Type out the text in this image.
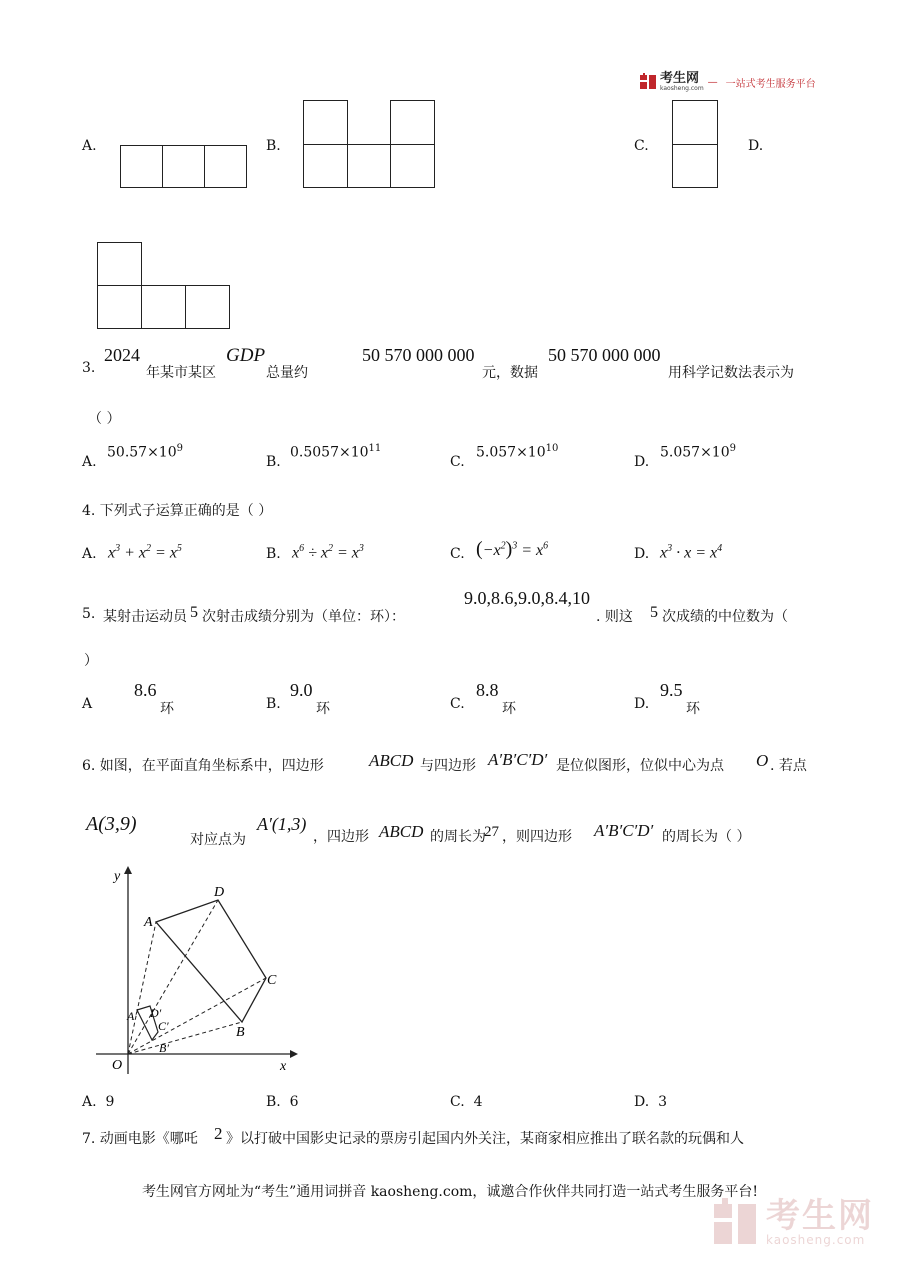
考生网
kaosheng.com
— 一站式考生服务平台
A.	B.	C.	D.
3.
2024
年某市某区
GDP
总量约
50 570 000 000
元，数据
50 570 000 000
用科学记数法表示为
（ ）
A.
$50.57\times 10^9$
B.
$0.5057\times 10^{11}$
C.
$5.057\times 10^{10}$
D.
$5.057\times 10^9$
4. 下列式子运算正确的是（ ）
A. $x^3 + x^2 = x^5$	B. $x^6 \div x^2 = x^3$	C. $(-x^2)^3 = x^6$	D. $x^3 \cdot x = x^4$
5. 某射击运动员 5 次射击成绩分别为（单位：环）：
9.0,8.6,9.0,8.4,10
. 则这 5 次成绩的中位数为（
）
A
8.6
环	B.
9.0
环	C.
8.8
环	D.
9.5
环
6. 如图，在平面直角坐标系中，四边形	ABCD 与四边形 A′B′C′D′ 是位似图形，位似中心为点 O . 若点
A(3,9)
对应点为
A′(1,3)
，四边形 ABCD 的周长为
27 ，则四边形 A′B′C′D′ 的周长为（ ）
y
x
O
A
D
C
B
A′ D′
C′
B′
A. 9	B. 6	C. 4	D. 3
7. 动画电影《哪吒 2 》以打破中国影史记录的票房引起国内外关注，某商家相应推出了联名款的玩偶和人
考生网官方网址为“考生”通用词拼音 kaosheng.com，诚邀合作伙伴共同打造一站式考生服务平台!
考生网
kaosheng.com
